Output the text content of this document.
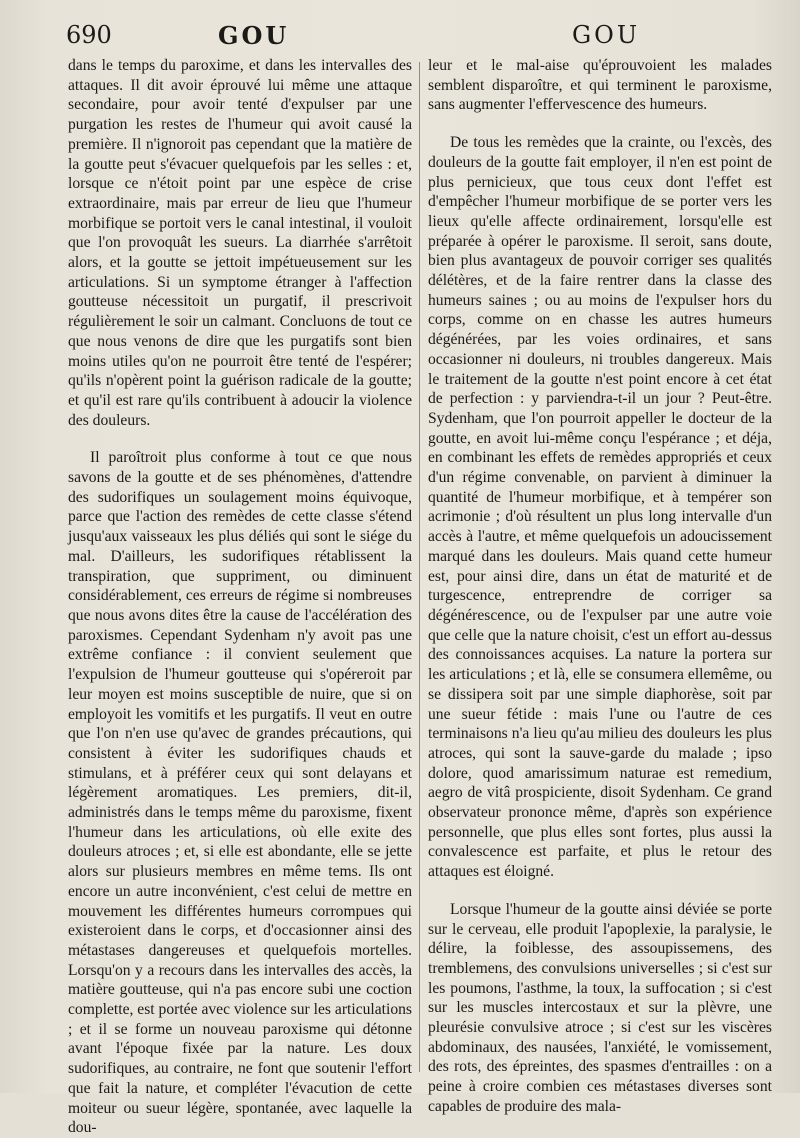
690	GOU	GOU

dans le temps du paroxime, et dans les intervalles des attaques. Il dit avoir éprouvé lui même une attaque secondaire, pour avoir tenté d'expulser par une purgation les restes de l'humeur qui avoit causé la première. Il n'ignoroit pas cependant que la matière de la goutte peut s'évacuer quelquefois par les selles : et, lorsque ce n'étoit point par une espèce de crise extraordinaire, mais par erreur de lieu que l'humeur morbifique se portoit vers le canal intestinal, il vouloit que l'on provoquât les sueurs. La diarrhée s'arrêtoit alors, et la goutte se jettoit impétueusement sur les articulations. Si un symptome étranger à l'affection goutteuse nécessitoit un purgatif, il prescrivoit régulièrement le soir un calmant. Concluons de tout ce que nous venons de dire que les purgatifs sont bien moins utiles qu'on ne pourroit être tenté de l'espérer; qu'ils n'opèrent point la guérison radicale de la goutte; et qu'il est rare qu'ils contribuent à adoucir la violence des douleurs.

Il paroîtroit plus conforme à tout ce que nous savons de la goutte et de ses phénomènes, d'attendre des sudorifiques un soulagement moins équivoque, parce que l'action des remèdes de cette classe s'étend jusqu'aux vaisseaux les plus déliés qui sont le siége du mal. D'ailleurs, les sudorifiques rétablissent la transpiration, que suppriment, ou diminuent considérablement, ces erreurs de régime si nombreuses que nous avons dites être la cause de l'accélération des paroxismes. Cependant Sydenham n'y avoit pas une extrême confiance : il convient seulement que l'expulsion de l'humeur goutteuse qui s'opéreroit par leur moyen est moins susceptible de nuire, que si on employoit les vomitifs et les purgatifs. Il veut en outre que l'on n'en use qu'avec de grandes précautions, qui consistent à éviter les sudorifiques chauds et stimulans, et à préférer ceux qui sont delayans et légèrement aromatiques. Les premiers, dit-il, administrés dans le temps même du paroxisme, fixent l'humeur dans les articulations, où elle exite des douleurs atroces ; et, si elle est abondante, elle se jette alors sur plusieurs membres en même tems. Ils ont encore un autre inconvénient, c'est celui de mettre en mouvement les différentes humeurs corrompues qui existeroient dans le corps, et d'occasionner ainsi des métastases dangereuses et quelquefois mortelles. Lorsqu'on y a recours dans les intervalles des accès, la matière goutteuse, qui n'a pas encore subi une coction complette, est portée avec violence sur les articulations ; et il se forme un nouveau paroxisme qui détonne avant l'époque fixée par la nature. Les doux sudorifiques, au contraire, ne font que soutenir l'effort que fait la nature, et compléter l'évacution de cette moiteur ou sueur légère, spontanée, avec laquelle la dou-

leur et le mal-aise qu'éprouvoient les malades semblent disparoître, et qui terminent le paroxisme, sans augmenter l'effervescence des humeurs.

De tous les remèdes que la crainte, ou l'excès, des douleurs de la goutte fait employer, il n'en est point de plus pernicieux, que tous ceux dont l'effet est d'empêcher l'humeur morbifique de se porter vers les lieux qu'elle affecte ordinairement, lorsqu'elle est préparée à opérer le paroxisme. Il seroit, sans doute, bien plus avantageux de pouvoir corriger ses qualités délétères, et de la faire rentrer dans la classe des humeurs saines ; ou au moins de l'expulser hors du corps, comme on en chasse les autres humeurs dégénérées, par les voies ordinaires, et sans occasionner ni douleurs, ni troubles dangereux. Mais le traitement de la goutte n'est point encore à cet état de perfection : y parviendra-t-il un jour ? Peut-être. Sydenham, que l'on pourroit appeller le docteur de la goutte, en avoit lui-même conçu l'espérance ; et déja, en combinant les effets de remèdes appropriés et ceux d'un régime convenable, on parvient à diminuer la quantité de l'humeur morbifique, et à tempérer son acrimonie ; d'où résultent un plus long intervalle d'un accès à l'autre, et même quelquefois un adoucissement marqué dans les douleurs. Mais quand cette humeur est, pour ainsi dire, dans un état de maturité et de turgescence, entreprendre de corriger sa dégénérescence, ou de l'expulser par une autre voie que celle que la nature choisit, c'est un effort au-dessus des connoissances acquises. La nature la portera sur les articulations ; et là, elle se consumera ellemême, ou se dissipera soit par une simple diaphorèse, soit par une sueur fétide : mais l'une ou l'autre de ces terminaisons n'a lieu qu'au milieu des douleurs les plus atroces, qui sont la sauve-garde du malade ; ipso dolore, quod amarissimum naturae est remedium, aegro de vitâ prospiciente, disoit Sydenham. Ce grand observateur prononce même, d'après son expérience personnelle, que plus elles sont fortes, plus aussi la convalescence est parfaite, et plus le retour des attaques est éloigné.

Lorsque l'humeur de la goutte ainsi déviée se porte sur le cerveau, elle produit l'apoplexie, la paralysie, le délire, la foiblesse, des assoupissemens, des tremblemens, des convulsions universelles ; si c'est sur les poumons, l'asthme, la toux, la suffocation ; si c'est sur les muscles intercostaux et sur la plèvre, une pleurésie convulsive atroce ; si c'est sur les viscères abdominaux, des nausées, l'anxiété, le vomissement, des rots, des épreintes, des spasmes d'entrailles : on a peine à croire combien ces métastases diverses sont capables de produire des mala-
